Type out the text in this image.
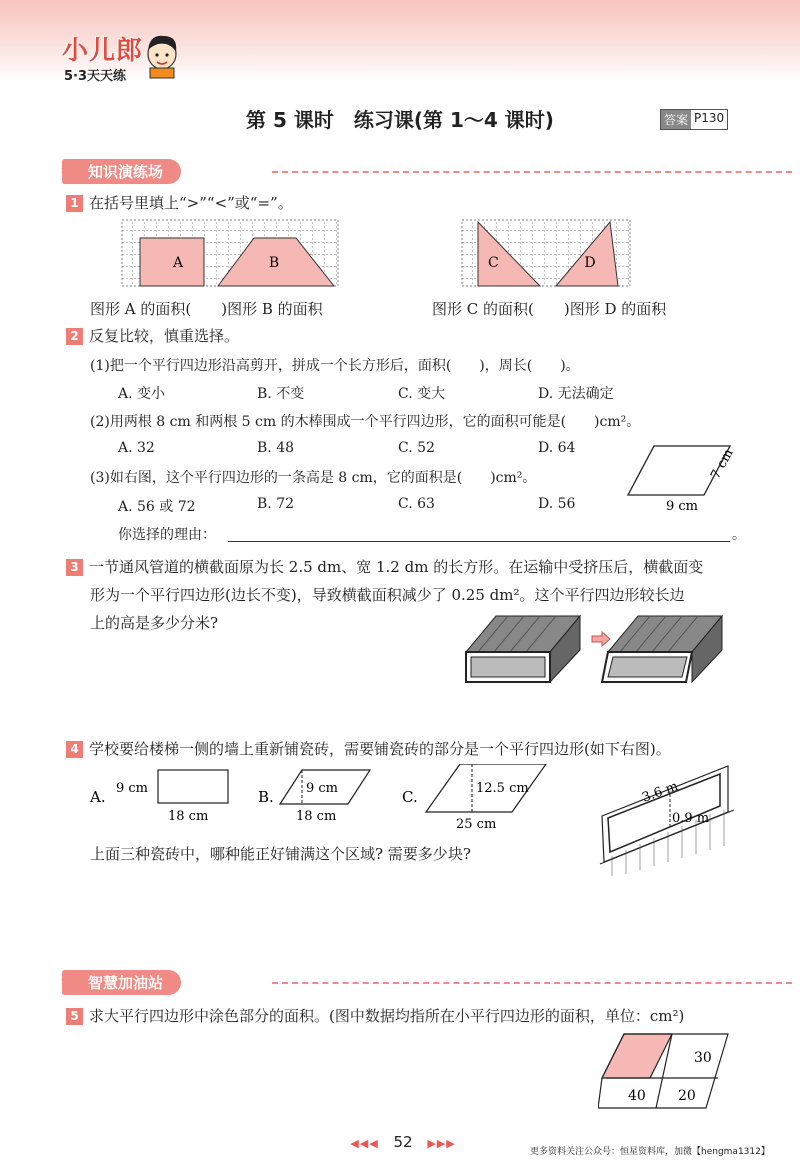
小儿郎
5·3天天练
第 5 课时　练习课(第 1～4 课时)	答案 P130
知识演练场
1 在括号里填上“>”“<”或“=”。
A	B	C	D
图形 A 的面积(　　)图形 B 的面积	图形 C 的面积(　　)图形 D 的面积
2 反复比较，慎重选择。
(1)把一个平行四边形沿高剪开，拼成一个长方形后，面积(　　)，周长(　　)。
A. 变小	B. 不变	C. 变大	D. 无法确定
(2)用两根 8 cm 和两根 5 cm 的木棒围成一个平行四边形，它的面积可能是(　　)cm²。
A. 32	B. 48	C. 52	D. 64
(3)如右图，这个平行四边形的一条高是 8 cm，它的面积是(　　)cm²。
A. 56 或 72	B. 72	C. 63	D. 56	9 cm
7 cm
你选择的理由：	。
3 一节通风管道的横截面原为长 2.5 dm、宽 1.2 dm 的长方形。在运输中受挤压后，横截面变
形为一个平行四边形(边长不变)，导致横截面积减少了 0.25 dm²。这个平行四边形较长边
上的高是多少分米?
4 学校要给楼梯一侧的墙上重新铺瓷砖，需要铺瓷砖的部分是一个平行四边形(如下右图)。
A. 9 cm
18 cm
B. 9 cm
18 cm
C.	12.5 cm
25 cm
3.6 m
0.9 m
上面三种瓷砖中，哪种能正好铺满这个区域? 需要多少块?
智慧加油站
5 求大平行四边形中涂色部分的面积。(图中数据均指所在小平行四边形的面积，单位：cm²)
30
40 20
◀◀◀ 52 ▶▶▶
更多资料关注公众号：恒星资料库，加微【hengma1312】
